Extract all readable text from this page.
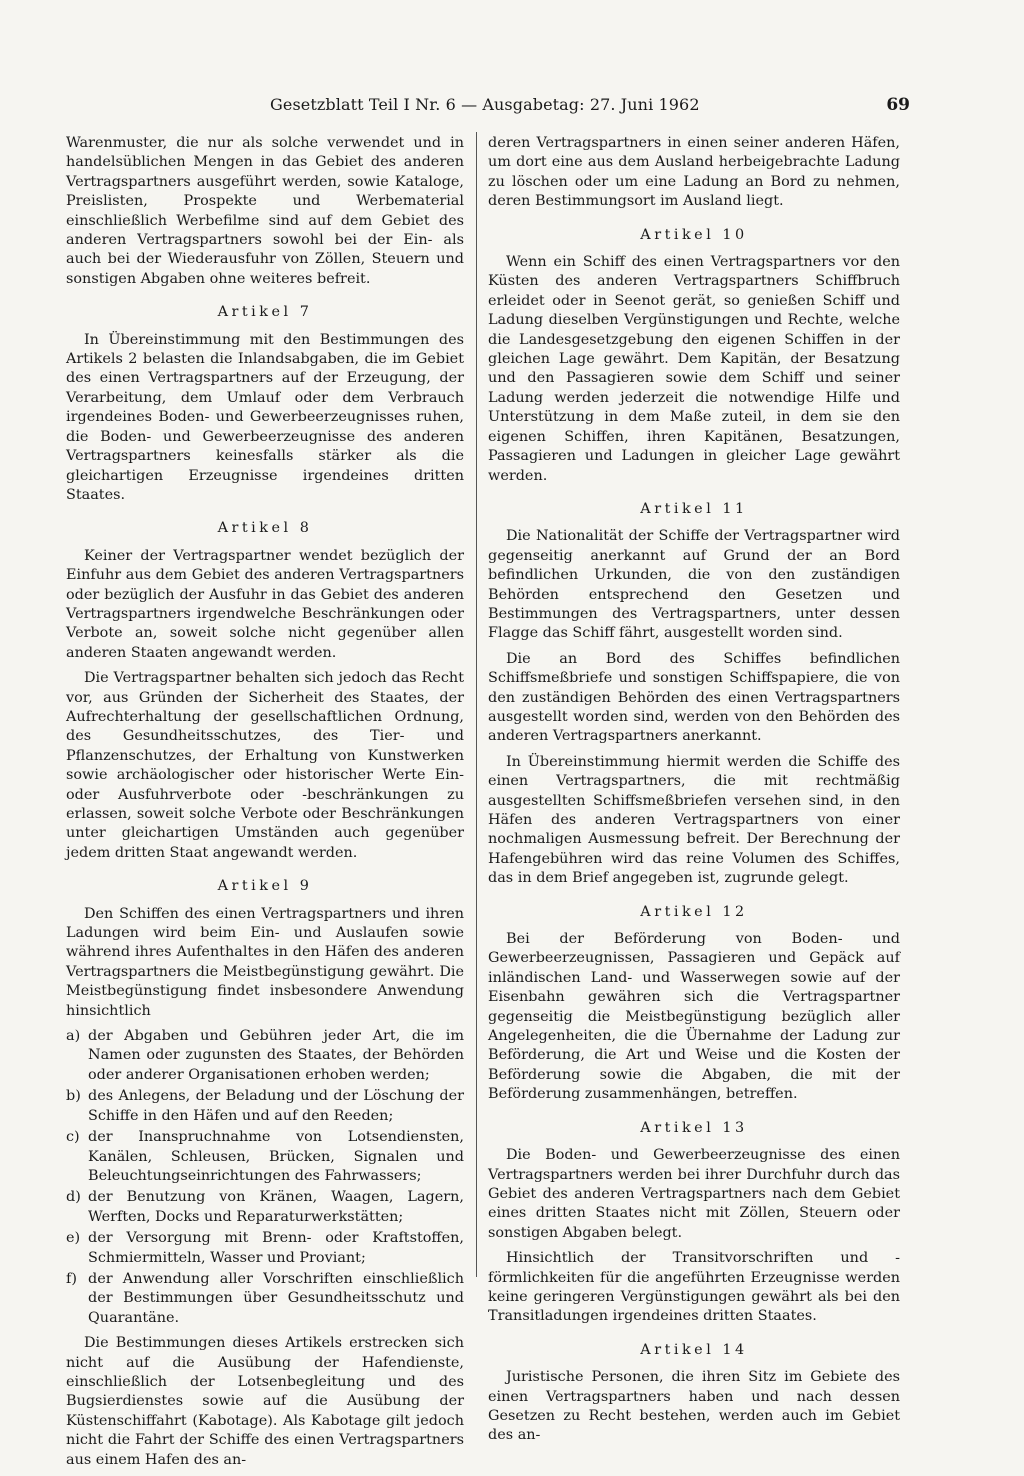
Gesetzblatt Teil I Nr. 6 — Ausgabetag: 27. Juni 1962	69

Warenmuster, die nur als solche verwendet und in handelsüblichen Mengen in das Gebiet des anderen Vertragspartners ausgeführt werden, sowie Kataloge, Preislisten, Prospekte und Werbematerial einschließlich Werbefilme sind auf dem Gebiet des anderen Vertragspartners sowohl bei der Ein- als auch bei der Wiederausfuhr von Zöllen, Steuern und sonstigen Abgaben ohne weiteres befreit.

Artikel 7

In Übereinstimmung mit den Bestimmungen des Artikels 2 belasten die Inlandsabgaben, die im Gebiet des einen Vertragspartners auf der Erzeugung, der Verarbeitung, dem Umlauf oder dem Verbrauch irgendeines Boden- und Gewerbeerzeugnisses ruhen, die Boden- und Gewerbeerzeugnisse des anderen Vertragspartners keinesfalls stärker als die gleichartigen Erzeugnisse irgendeines dritten Staates.

Artikel 8

Keiner der Vertragspartner wendet bezüglich der Einfuhr aus dem Gebiet des anderen Vertragspartners oder bezüglich der Ausfuhr in das Gebiet des anderen Vertragspartners irgendwelche Beschränkungen oder Verbote an, soweit solche nicht gegenüber allen anderen Staaten angewandt werden.

Die Vertragspartner behalten sich jedoch das Recht vor, aus Gründen der Sicherheit des Staates, der Aufrechterhaltung der gesellschaftlichen Ordnung, des Gesundheitsschutzes, des Tier- und Pflanzenschutzes, der Erhaltung von Kunstwerken sowie archäologischer oder historischer Werte Ein- oder Ausfuhrverbote oder -beschränkungen zu erlassen, soweit solche Verbote oder Beschränkungen unter gleichartigen Umständen auch gegenüber jedem dritten Staat angewandt werden.

Artikel 9

Den Schiffen des einen Vertragspartners und ihren Ladungen wird beim Ein- und Auslaufen sowie während ihres Aufenthaltes in den Häfen des anderen Vertragspartners die Meistbegünstigung gewährt. Die Meistbegünstigung findet insbesondere Anwendung hinsichtlich

a) der Abgaben und Gebühren jeder Art, die im Namen oder zugunsten des Staates, der Behörden oder anderer Organisationen erhoben werden;
b) des Anlegens, der Beladung und der Löschung der Schiffe in den Häfen und auf den Reeden;
c) der Inanspruchnahme von Lotsendiensten, Kanälen, Schleusen, Brücken, Signalen und Beleuchtungseinrichtungen des Fahrwassers;
d) der Benutzung von Kränen, Waagen, Lagern, Werften, Docks und Reparaturwerkstätten;
e) der Versorgung mit Brenn- oder Kraftstoffen, Schmiermitteln, Wasser und Proviant;
f) der Anwendung aller Vorschriften einschließlich der Bestimmungen über Gesundheitsschutz und Quarantäne.

Die Bestimmungen dieses Artikels erstrecken sich nicht auf die Ausübung der Hafendienste, einschließlich der Lotsenbegleitung und des Bugsierdienstes sowie auf die Ausübung der Küstenschiffahrt (Kabotage). Als Kabotage gilt jedoch nicht die Fahrt der Schiffe des einen Vertragspartners aus einem Hafen des an-

deren Vertragspartners in einen seiner anderen Häfen, um dort eine aus dem Ausland herbeigebrachte Ladung zu löschen oder um eine Ladung an Bord zu nehmen, deren Bestimmungsort im Ausland liegt.

Artikel 10

Wenn ein Schiff des einen Vertragspartners vor den Küsten des anderen Vertragspartners Schiffbruch erleidet oder in Seenot gerät, so genießen Schiff und Ladung dieselben Vergünstigungen und Rechte, welche die Landesgesetzgebung den eigenen Schiffen in der gleichen Lage gewährt. Dem Kapitän, der Besatzung und den Passagieren sowie dem Schiff und seiner Ladung werden jederzeit die notwendige Hilfe und Unterstützung in dem Maße zuteil, in dem sie den eigenen Schiffen, ihren Kapitänen, Besatzungen, Passagieren und Ladungen in gleicher Lage gewährt werden.

Artikel 11

Die Nationalität der Schiffe der Vertragspartner wird gegenseitig anerkannt auf Grund der an Bord befindlichen Urkunden, die von den zuständigen Behörden entsprechend den Gesetzen und Bestimmungen des Vertragspartners, unter dessen Flagge das Schiff fährt, ausgestellt worden sind.

Die an Bord des Schiffes befindlichen Schiffsmeßbriefe und sonstigen Schiffspapiere, die von den zuständigen Behörden des einen Vertragspartners ausgestellt worden sind, werden von den Behörden des anderen Vertragspartners anerkannt.

In Übereinstimmung hiermit werden die Schiffe des einen Vertragspartners, die mit rechtmäßig ausgestellten Schiffsmeßbriefen versehen sind, in den Häfen des anderen Vertragspartners von einer nochmaligen Ausmessung befreit. Der Berechnung der Hafengebühren wird das reine Volumen des Schiffes, das in dem Brief angegeben ist, zugrunde gelegt.

Artikel 12

Bei der Beförderung von Boden- und Gewerbeerzeugnissen, Passagieren und Gepäck auf inländischen Land- und Wasserwegen sowie auf der Eisenbahn gewähren sich die Vertragspartner gegenseitig die Meistbegünstigung bezüglich aller Angelegenheiten, die die Übernahme der Ladung zur Beförderung, die Art und Weise und die Kosten der Beförderung sowie die Abgaben, die mit der Beförderung zusammenhängen, betreffen.

Artikel 13

Die Boden- und Gewerbeerzeugnisse des einen Vertragspartners werden bei ihrer Durchfuhr durch das Gebiet des anderen Vertragspartners nach dem Gebiet eines dritten Staates nicht mit Zöllen, Steuern oder sonstigen Abgaben belegt.

Hinsichtlich der Transitvorschriften und -förmlichkeiten für die angeführten Erzeugnisse werden keine geringeren Vergünstigungen gewährt als bei den Transitladungen irgendeines dritten Staates.

Artikel 14

Juristische Personen, die ihren Sitz im Gebiete des einen Vertragspartners haben und nach dessen Gesetzen zu Recht bestehen, werden auch im Gebiet des an-
